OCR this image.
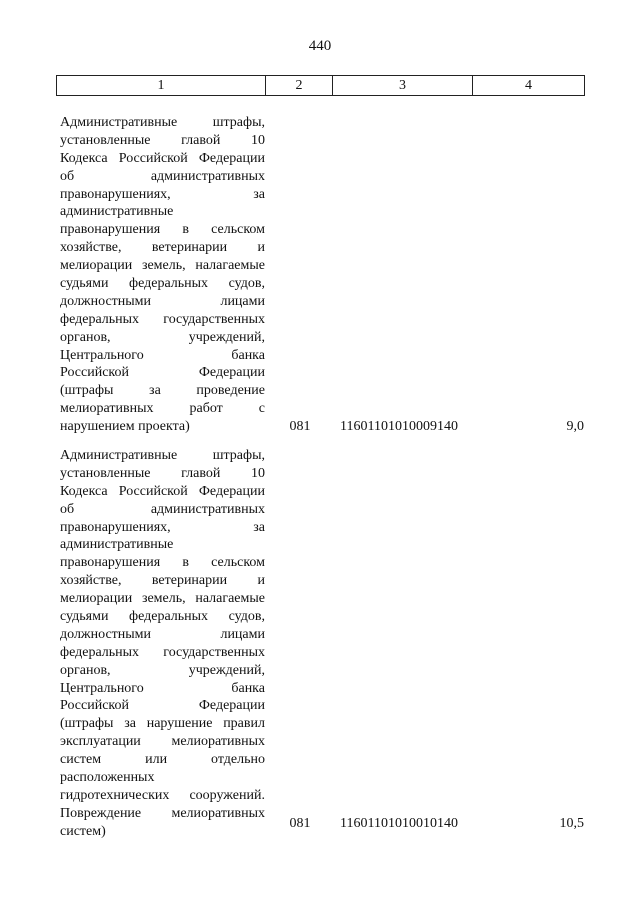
440
1	2	3	4
Административные штрафы,
установленные главой 10
Кодекса Российской Федерации
об административных
правонарушениях, за
административные
правонарушения в сельском
хозяйстве, ветеринарии и
мелиорации земель, налагаемые
судьями федеральных судов,
должностными лицами
федеральных государственных
органов, учреждений,
Центрального банка
Российской Федерации
(штрафы за проведение
мелиоративных работ с
нарушением проекта)	081	11601101010009140	9,0
Административные штрафы,
установленные главой 10
Кодекса Российской Федерации
об административных
правонарушениях, за
административные
правонарушения в сельском
хозяйстве, ветеринарии и
мелиорации земель, налагаемые
судьями федеральных судов,
должностными лицами
федеральных государственных
органов, учреждений,
Центрального банка
Российской Федерации
(штрафы за нарушение правил
эксплуатации мелиоративных
систем или отдельно
расположенных
гидротехнических сооружений.
Повреждение мелиоративных
систем)
081	11601101010010140	10,5
